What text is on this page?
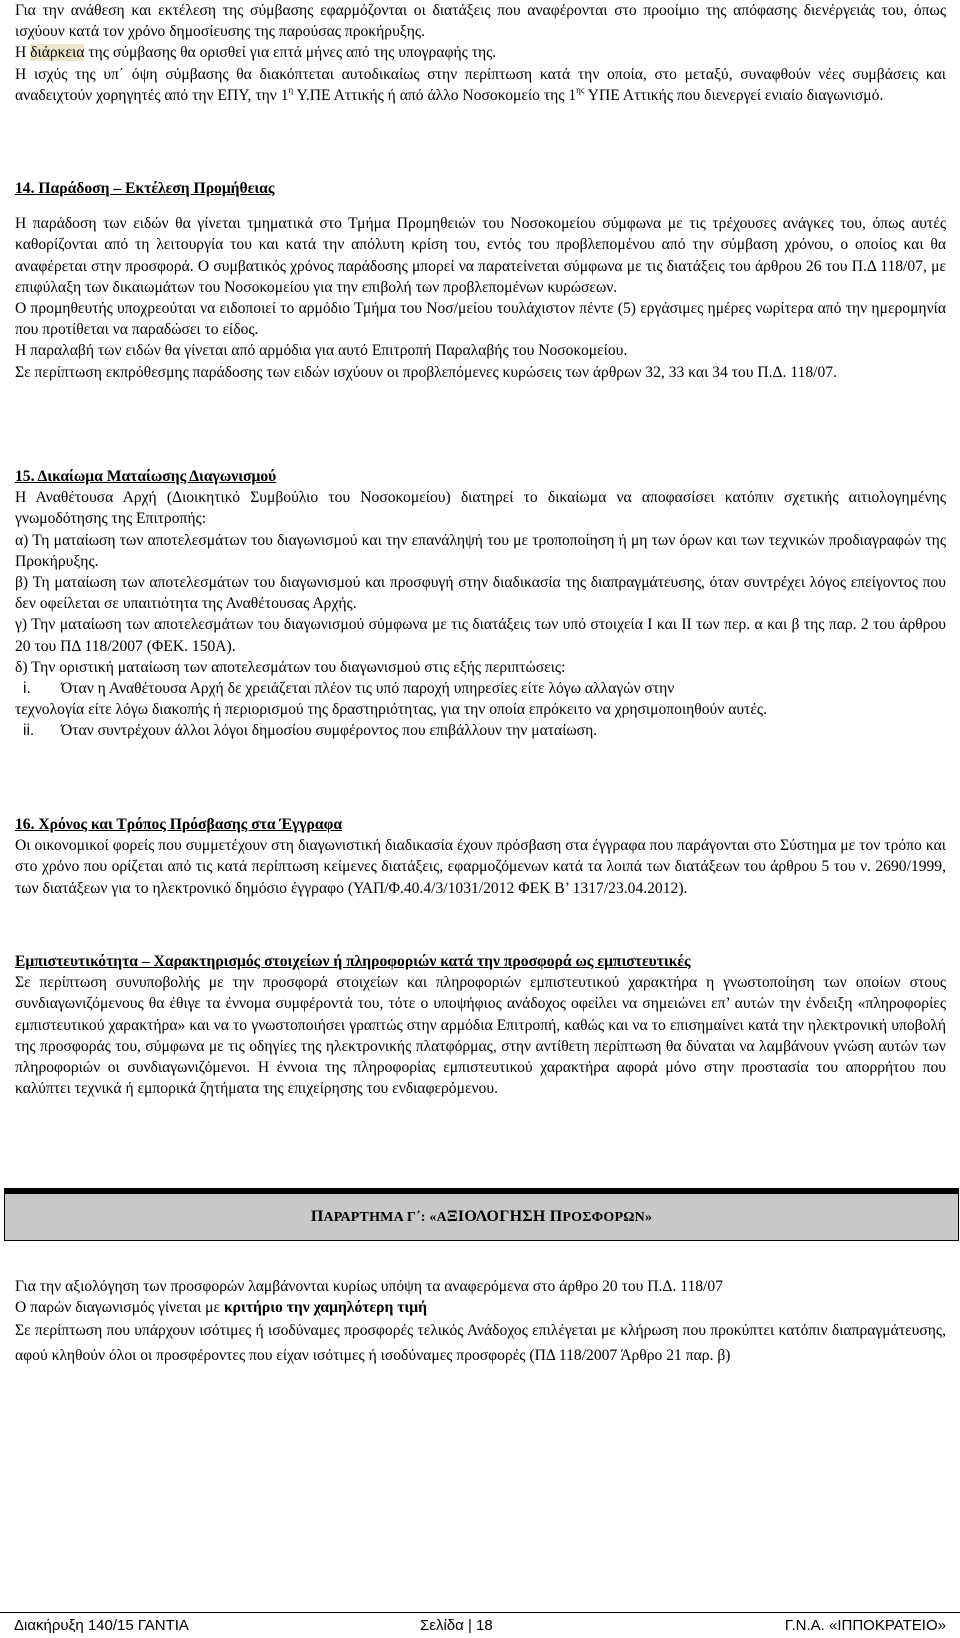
Για την ανάθεση και εκτέλεση της σύμβασης εφαρμόζονται οι διατάξεις που αναφέρονται στο προοίμιο της απόφασης διενέργειάς του, όπως ισχύουν κατά τον χρόνο δημοσίευσης της παρούσας προκήρυξης.

Η διάρκεια της σύμβασης θα ορισθεί για επτά μήνες από της υπογραφής της.

Η ισχύς της υπ΄ όψη σύμβασης θα διακόπτεται αυτοδικαίως στην περίπτωση κατά την οποία, στο μεταξύ, συναφθούν νέες συμβάσεις και αναδειχτούν χορηγητές από την ΕΠΥ, την $1^\eta$ Υ.ΠΕ Αττικής ή από άλλο Νοσοκομείο της $1^{\eta\varsigma}$ ΥΠΕ Αττικής που διενεργεί ενιαίο διαγωνισμό.

14. Παράδοση – Εκτέλεση Προμήθειας

Η παράδοση των ειδών θα γίνεται τμηματικά στο Τμήμα Προμηθειών του Νοσοκομείου σύμφωνα με τις τρέχουσες ανάγκες του, όπως αυτές καθορίζονται από τη λειτουργία του και κατά την απόλυτη κρίση του, εντός του προβλεπομένου από την σύμβαση χρόνου, ο οποίος και θα αναφέρεται στην προσφορά. Ο συμβατικός χρόνος παράδοσης μπορεί να παρατείνεται σύμφωνα με τις διατάξεις του άρθρου 26 του Π.Δ 118/07, με επιφύλαξη των δικαιωμάτων του Νοσοκομείου για την επιβολή των προβλεπομένων κυρώσεων.

Ο προμηθευτής υποχρεούται να ειδοποιεί το αρμόδιο Τμήμα του Νοσ/μείου τουλάχιστον πέντε (5) εργάσιμες ημέρες νωρίτερα από την ημερομηνία που προτίθεται να παραδώσει το είδος.

Η παραλαβή των ειδών θα γίνεται από αρμόδια για αυτό Επιτροπή Παραλαβής του Νοσοκομείου.

Σε περίπτωση εκπρόθεσμης παράδοσης των ειδών ισχύουν οι προβλεπόμενες κυρώσεις των άρθρων 32, 33 και 34 του Π.Δ. 118/07.

15. Δικαίωμα Ματαίωσης Διαγωνισμού

Η Αναθέτουσα Αρχή (Διοικητικό Συμβούλιο του Νοσοκομείου) διατηρεί το δικαίωμα να αποφασίσει κατόπιν σχετικής αιτιολογημένης γνωμοδότησης της Επιτροπής:

α) Τη ματαίωση των αποτελεσμάτων του διαγωνισμού και την επανάληψή του με τροποποίηση ή μη των όρων και των τεχνικών προδιαγραφών της Προκήρυξης.

β) Τη ματαίωση των αποτελεσμάτων του διαγωνισμού και προσφυγή στην διαδικασία της διαπραγμάτευσης, όταν συντρέχει λόγος επείγοντος που δεν οφείλεται σε υπαιτιότητα της Αναθέτουσας Αρχής.

γ) Την ματαίωση των αποτελεσμάτων του διαγωνισμού σύμφωνα με τις διατάξεις των υπό στοιχεία Ι και ΙΙ των περ. α και β της παρ. 2 του άρθρου 20 του ΠΔ 118/2007 (ΦΕΚ. 150Α).

δ) Την οριστική ματαίωση των αποτελεσμάτων του διαγωνισμού στις εξής περιπτώσεις:

i.	Όταν η Αναθέτουσα Αρχή δε χρειάζεται πλέον τις υπό παροχή υπηρεσίες είτε λόγω αλλαγών στην

τεχνολογία είτε λόγω διακοπής ή περιορισμού της δραστηριότητας, για την οποία επρόκειτο να χρησιμοποιηθούν αυτές.

ii.	Όταν συντρέχουν άλλοι λόγοι δημοσίου συμφέροντος που επιβάλλουν την ματαίωση.

16. Χρόνος και Τρόπος Πρόσβασης στα Έγγραφα

Οι οικονομικοί φορείς που συμμετέχουν στη διαγωνιστική διαδικασία έχουν πρόσβαση στα έγγραφα που παράγονται στο Σύστημα με τον τρόπο και στο χρόνο που ορίζεται από τις κατά περίπτωση κείμενες διατάξεις, εφαρμοζόμενων κατά τα λοιπά των διατάξεων του άρθρου 5 του ν. 2690/1999, των διατάξεων για το ηλεκτρονικό δημόσιο έγγραφο (ΥΑΠ/Φ.40.4/3/1031/2012 ΦΕΚ Β’ 1317/23.04.2012).

Εμπιστευτικότητα – Χαρακτηρισμός στοιχείων ή πληροφοριών κατά την προσφορά ως εμπιστευτικές

Σε περίπτωση συνυποβολής με την προσφορά στοιχείων και πληροφοριών εμπιστευτικού χαρακτήρα η γνωστοποίηση των οποίων στους συνδιαγωνιζόμενους θα έθιγε τα έννομα συμφέροντά του, τότε ο υποψήφιος ανάδοχος οφείλει να σημειώνει επ’ αυτών την ένδειξη «πληροφορίες εμπιστευτικού χαρακτήρα» και να το γνωστοποιήσει γραπτώς στην αρμόδια Επιτροπή, καθώς και να το επισημαίνει κατά την ηλεκτρονική υποβολή της προσφοράς του, σύμφωνα με τις οδηγίες της ηλεκτρονικής πλατφόρμας, στην αντίθετη περίπτωση θα δύναται να λαμβάνουν γνώση αυτών των πληροφοριών οι συνδιαγωνιζόμενοι. Η έννοια της πληροφορίας εμπιστευτικού χαρακτήρα αφορά μόνο στην προστασία του απορρήτου που καλύπτει τεχνικά ή εμπορικά ζητήματα της επιχείρησης του ενδιαφερόμενου.

Για την αξιολόγηση των προσφορών λαμβάνονται κυρίως υπόψη τα αναφερόμενα στο άρθρο 20 του Π.Δ. 118/07

Ο παρών διαγωνισμός γίνεται με κριτήριο την χαμηλότερη τιμή

Σε περίπτωση που υπάρχουν ισότιμες ή ισοδύναμες προσφορές τελικός Ανάδοχος επιλέγεται με κλήρωση που προκύπτει κατόπιν διαπραγμάτευσης, αφού κληθούν όλοι οι προσφέροντες που είχαν ισότιμες ή ισοδύναμες προσφορές (ΠΔ 118/2007 Άρθρο 21 παρ. β)

ΠΑΡΑΡΤΗΜΑ Γ΄: «ΑΞΙΟΛΟΓΗΣΗ ΠΡΟΣΦΟΡΩΝ»
Διακήρυξη 140/15 ΓΑΝΤΙΑ	Σελίδα | 18	Γ.Ν.Α. «ΙΠΠΟΚΡΑΤΕΙΟ»
